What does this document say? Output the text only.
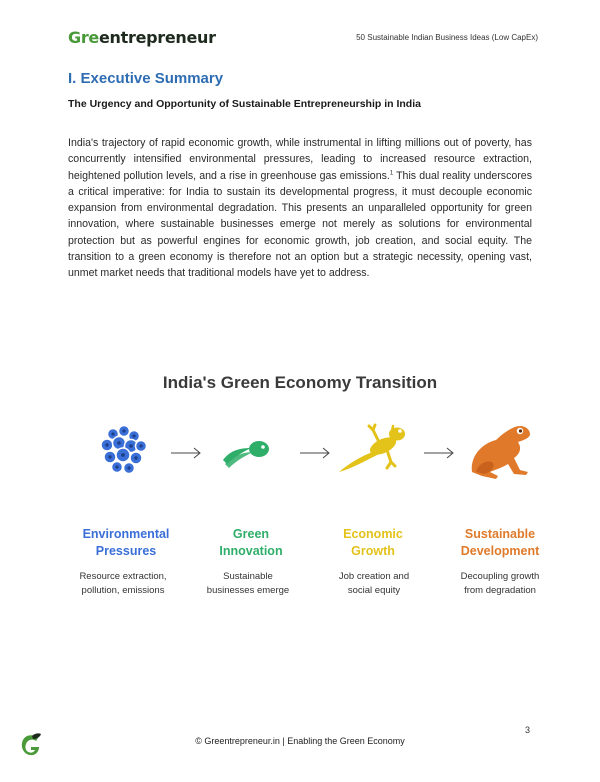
Greentrepreneur	50 Sustainable Indian Business Ideas (Low CapEx)
I. Executive Summary
The Urgency and Opportunity of Sustainable Entrepreneurship in India
India's trajectory of rapid economic growth, while instrumental in lifting millions out of poverty, has concurrently intensified environmental pressures, leading to increased resource extraction, heightened pollution levels, and a rise in greenhouse gas emissions.$^1$ This dual reality underscores a critical imperative: for India to sustain its developmental progress, it must decouple economic expansion from environmental degradation. This presents an unparalleled opportunity for green innovation, where sustainable businesses emerge not merely as solutions for environmental protection but as powerful engines for economic growth, job creation, and social equity. The transition to a green economy is therefore not an option but a strategic necessity, opening vast, unmet market needs that traditional models have yet to address.
India's Green Economy Transition
Environmental
Pressures
Green
Innovation
Economic
Growth
Sustainable
Development
Resource extraction,
pollution, emissions
Sustainable
businesses emerge
Job creation and
social equity
Decoupling growth
from degradation
3
© Greentrepreneur.in | Enabling the Green Economy
